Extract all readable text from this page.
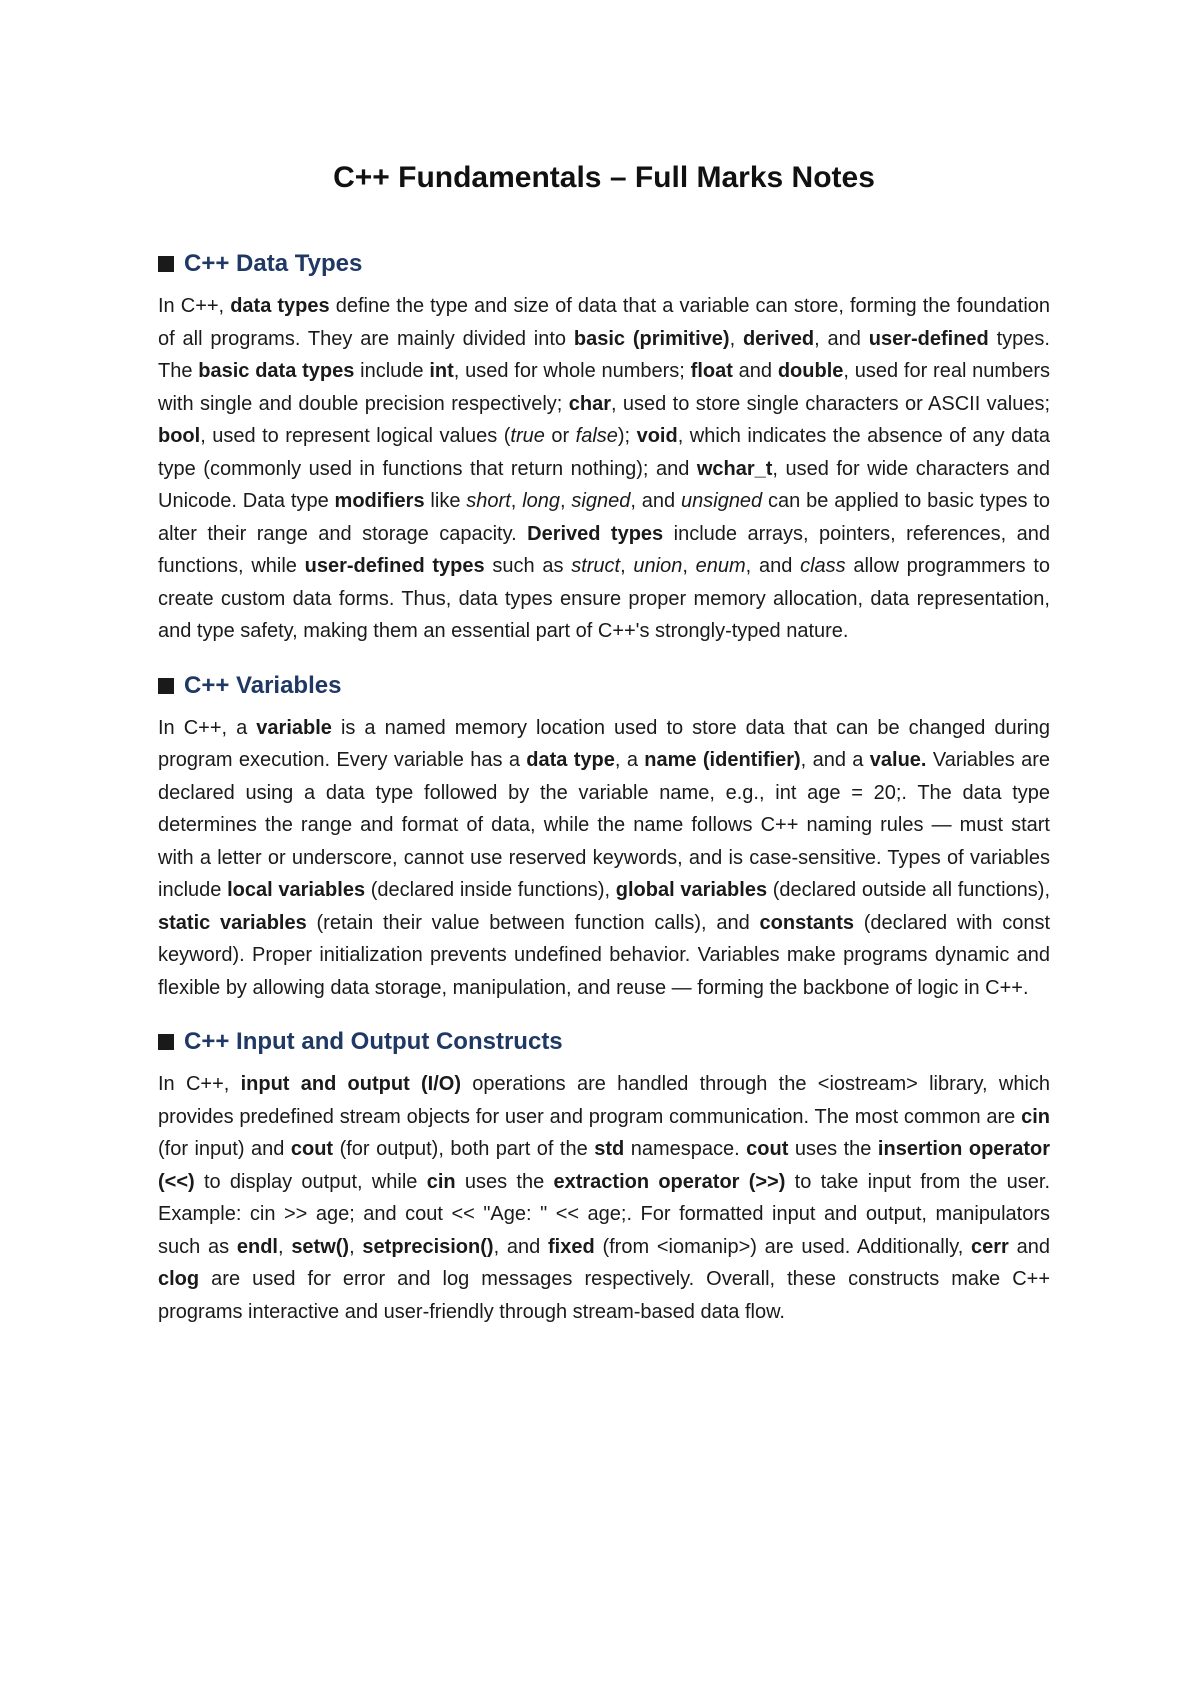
C++ Fundamentals – Full Marks Notes
C++ Data Types

In C++, data types define the type and size of data that a variable can store, forming the foundation of all programs. They are mainly divided into basic (primitive), derived, and user-defined types. The basic data types include int, used for whole numbers; float and double, used for real numbers with single and double precision respectively; char, used to store single characters or ASCII values; bool, used to represent logical values (true or false); void, which indicates the absence of any data type (commonly used in functions that return nothing); and wchar_t, used for wide characters and Unicode. Data type modifiers like short, long, signed, and unsigned can be applied to basic types to alter their range and storage capacity. Derived types include arrays, pointers, references, and functions, while user-defined types such as struct, union, enum, and class allow programmers to create custom data forms. Thus, data types ensure proper memory allocation, data representation, and type safety, making them an essential part of C++'s strongly-typed nature.

C++ Variables

In C++, a variable is a named memory location used to store data that can be changed during program execution. Every variable has a data type, a name (identifier), and a value. Variables are declared using a data type followed by the variable name, e.g., int age = 20;. The data type determines the range and format of data, while the name follows C++ naming rules — must start with a letter or underscore, cannot use reserved keywords, and is case-sensitive. Types of variables include local variables (declared inside functions), global variables (declared outside all functions), static variables (retain their value between function calls), and constants (declared with const keyword). Proper initialization prevents undefined behavior. Variables make programs dynamic and flexible by allowing data storage, manipulation, and reuse — forming the backbone of logic in C++.

C++ Input and Output Constructs

In C++, input and output (I/O) operations are handled through the <iostream> library, which provides predefined stream objects for user and program communication. The most common are cin (for input) and cout (for output), both part of the std namespace. cout uses the insertion operator (<<) to display output, while cin uses the extraction operator (>>) to take input from the user. Example: cin >> age; and cout << "Age: " << age;. For formatted input and output, manipulators such as endl, setw(), setprecision(), and fixed (from <iomanip>) are used. Additionally, cerr and clog are used for error and log messages respectively. Overall, these constructs make C++ programs interactive and user-friendly through stream-based data flow.
